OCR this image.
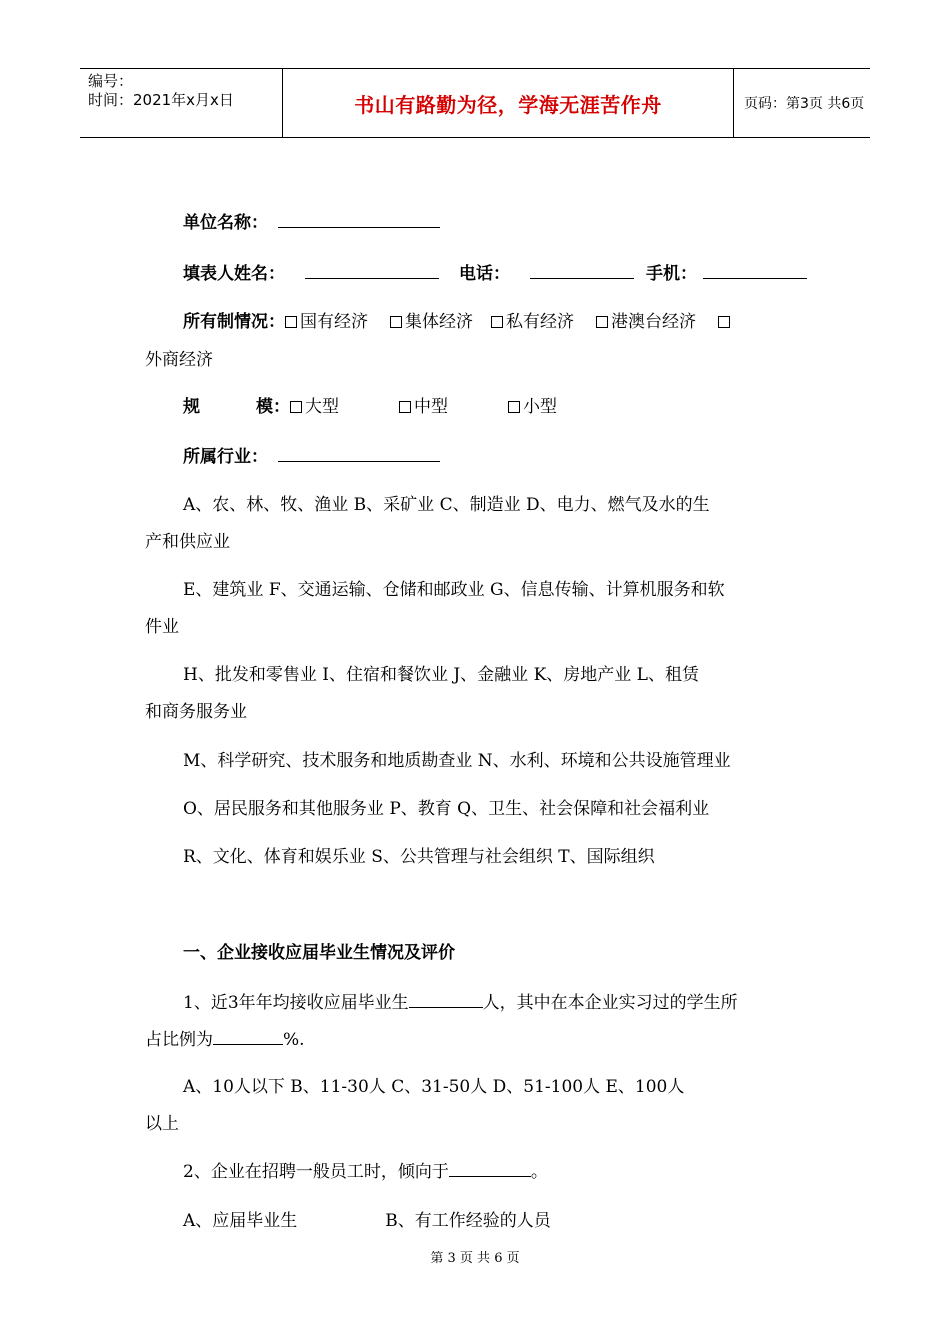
编号：
时间：2021年x月x日	书山有路勤为径，学海无涯苦作舟	页码：第3页 共6页
单位名称：
填表人姓名：	电话：	手机：
所有制情况： 国有经济 集体经济 私有经济 港澳台经济
外商经济
规	模： 大型	中型	小型
所属行业：
A、农、林、牧、渔业 B、采矿业 C、制造业 D、电力、燃气及水的生
产和供应业
E、建筑业 F、交通运输、仓储和邮政业 G、信息传输、计算机服务和软
件业
H、批发和零售业 I、住宿和餐饮业 J、金融业 K、房地产业 L、租赁
和商务服务业
M、科学研究、技术服务和地质勘查业 N、水利、环境和公共设施管理业
O、居民服务和其他服务业 P、教育 Q、卫生、社会保障和社会福利业
R、文化、体育和娱乐业 S、公共管理与社会组织 T、国际组织
一、企业接收应届毕业生情况及评价
1、近3年年均接收应届毕业生	人，其中在本企业实习过的学生所
占比例为	%.
A、10人以下 B、11-30人 C、31-50人 D、51-100人 E、100人
以上
2、企业在招聘一般员工时，倾向于	。
A、应届毕业生	B、有工作经验的人员
第 3 页 共 6 页
